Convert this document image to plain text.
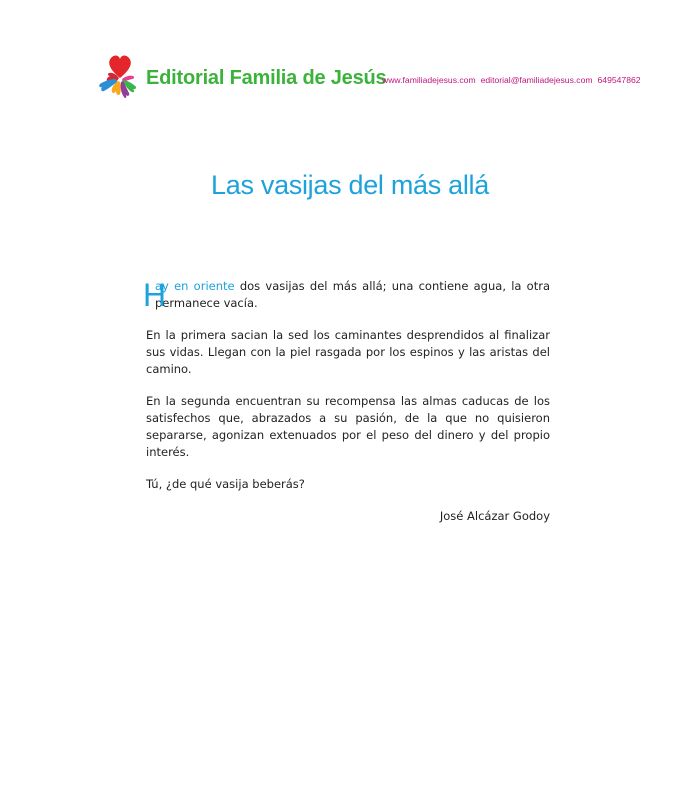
Editorial Familia de Jesús
www.familiadejesus.com editorial@familiadejesus.com 649547862
Las vasijas del más allá

H
ay en oriente dos vasijas del más allá; una contiene agua, la otra permanece vacía.

En la primera sacian la sed los caminantes desprendidos al finalizar sus vidas. Llegan con la piel rasgada por los espinos y las aristas del camino.

En la segunda encuentran su recompensa las almas caducas de los satisfechos que, abrazados a su pasión, de la que no quisieron separarse, agonizan extenuados por el peso del dinero y del propio interés.

Tú, ¿de qué vasija beberás?

José Alcázar Godoy
